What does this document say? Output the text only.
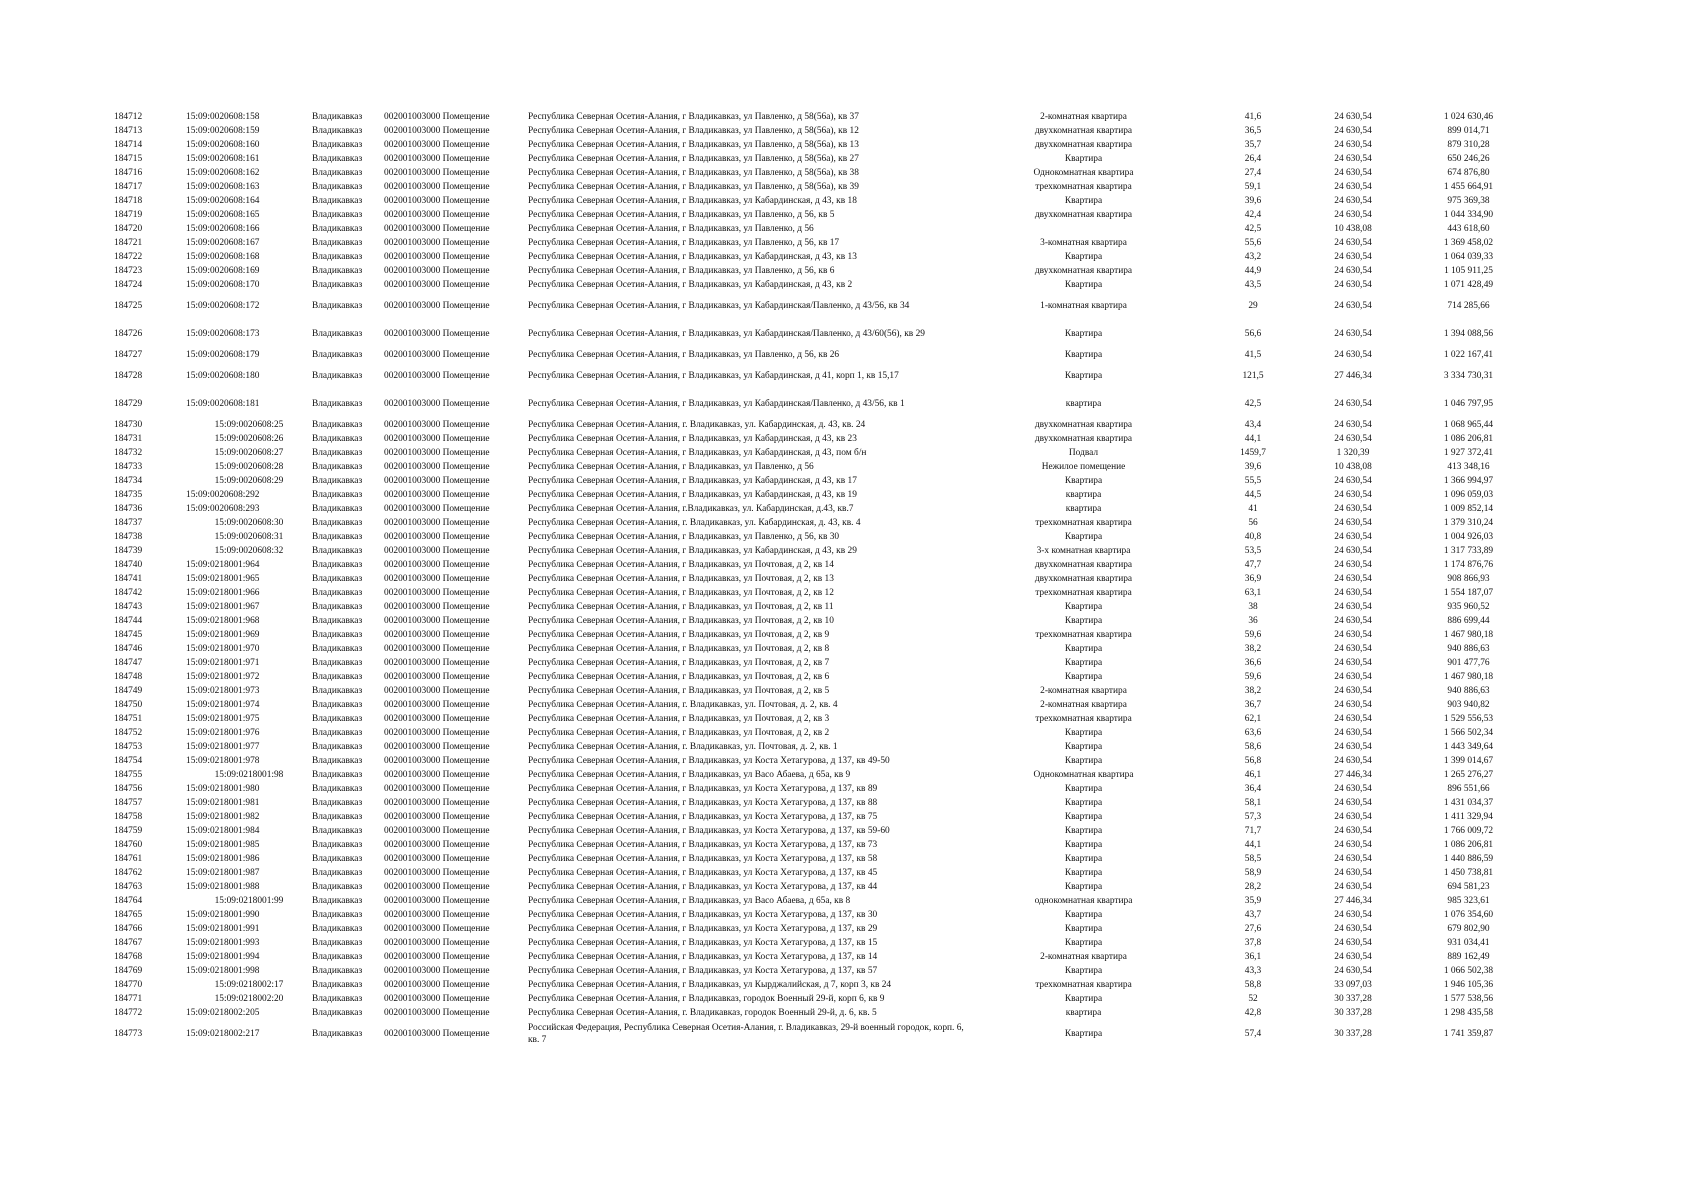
184712	15:09:0020608:158	Владикавказ	002001003000 Помещение	Республика Северная Осетия-Алания, г Владикавказ, ул Павленко, д 58(56а), кв 37	2-комнатная квартира	41,6	24 630,54	1 024 630,46
184713	15:09:0020608:159	Владикавказ	002001003000 Помещение	Республика Северная Осетия-Алания, г Владикавказ, ул Павленко, д 58(56а), кв 12	двухкомнатная квартира	36,5	24 630,54	899 014,71
184714	15:09:0020608:160	Владикавказ	002001003000 Помещение	Республика Северная Осетия-Алания, г Владикавказ, ул Павленко, д 58(56а), кв 13	двухкомнатная квартира	35,7	24 630,54	879 310,28
184715	15:09:0020608:161	Владикавказ	002001003000 Помещение	Республика Северная Осетия-Алания, г Владикавказ, ул Павленко, д 58(56а), кв 27	Квартира	26,4	24 630,54	650 246,26
184716	15:09:0020608:162	Владикавказ	002001003000 Помещение	Республика Северная Осетия-Алания, г Владикавказ, ул Павленко, д 58(56а), кв 38	Однокомнатная квартира	27,4	24 630,54	674 876,80
184717	15:09:0020608:163	Владикавказ	002001003000 Помещение	Республика Северная Осетия-Алания, г Владикавказ, ул Павленко, д 58(56а), кв 39	трехкомнатная квартира	59,1	24 630,54	1 455 664,91
184718	15:09:0020608:164	Владикавказ	002001003000 Помещение	Республика Северная Осетия-Алания, г Владикавказ, ул Кабардинская, д 43, кв 18	Квартира	39,6	24 630,54	975 369,38
184719	15:09:0020608:165	Владикавказ	002001003000 Помещение	Республика Северная Осетия-Алания, г Владикавказ, ул Павленко, д 56, кв 5	двухкомнатная квартира	42,4	24 630,54	1 044 334,90
184720	15:09:0020608:166	Владикавказ	002001003000 Помещение	Республика Северная Осетия-Алания, г Владикавказ, ул Павленко, д 56		42,5	10 438,08	443 618,60
184721	15:09:0020608:167	Владикавказ	002001003000 Помещение	Республика Северная Осетия-Алания, г Владикавказ, ул Павленко, д 56, кв 17	3-комнатная квартира	55,6	24 630,54	1 369 458,02
184722	15:09:0020608:168	Владикавказ	002001003000 Помещение	Республика Северная Осетия-Алания, г Владикавказ, ул Кабардинская, д 43, кв 13	Квартира	43,2	24 630,54	1 064 039,33
184723	15:09:0020608:169	Владикавказ	002001003000 Помещение	Республика Северная Осетия-Алания, г Владикавказ, ул Павленко, д 56, кв 6	двухкомнатная квартира	44,9	24 630,54	1 105 911,25
184724	15:09:0020608:170	Владикавказ	002001003000 Помещение	Республика Северная Осетия-Алания, г Владикавказ, ул Кабардинская, д 43, кв 2	Квартира	43,5	24 630,54	1 071 428,49
184725	15:09:0020608:172	Владикавказ	002001003000 Помещение	Республика Северная Осетия-Алания, г Владикавказ, ул Кабардинская/Павленко, д 43/56, кв 34	1-комнатная квартира	29	24 630,54	714 285,66
184726	15:09:0020608:173	Владикавказ	002001003000 Помещение	Республика Северная Осетия-Алания, г Владикавказ, ул Кабардинская/Павленко, д 43/60(56), кв 29	Квартира	56,6	24 630,54	1 394 088,56
184727	15:09:0020608:179	Владикавказ	002001003000 Помещение	Республика Северная Осетия-Алания, г Владикавказ, ул Павленко, д 56, кв 26	Квартира	41,5	24 630,54	1 022 167,41
184728	15:09:0020608:180	Владикавказ	002001003000 Помещение	Республика Северная Осетия-Алания, г Владикавказ, ул Кабардинская, д 41, корп 1, кв 15,17	Квартира	121,5	27 446,34	3 334 730,31
184729	15:09:0020608:181	Владикавказ	002001003000 Помещение	Республика Северная Осетия-Алания, г Владикавказ, ул Кабардинская/Павленко, д 43/56, кв 1	квартира	42,5	24 630,54	1 046 797,95
184730	15:09:0020608:25	Владикавказ	002001003000 Помещение	Республика Северная Осетия-Алания, г. Владикавказ, ул. Кабардинская, д. 43, кв. 24	двухкомнатная квартира	43,4	24 630,54	1 068 965,44
184731	15:09:0020608:26	Владикавказ	002001003000 Помещение	Республика Северная Осетия-Алания, г Владикавказ, ул Кабардинская, д 43, кв 23	двухкомнатная квартира	44,1	24 630,54	1 086 206,81
184732	15:09:0020608:27	Владикавказ	002001003000 Помещение	Республика Северная Осетия-Алания, г Владикавказ, ул Кабардинская, д 43, пом б/н	Подвал	1459,7	1 320,39	1 927 372,41
184733	15:09:0020608:28	Владикавказ	002001003000 Помещение	Республика Северная Осетия-Алания, г Владикавказ, ул Павленко, д 56	Нежилое помещение	39,6	10 438,08	413 348,16
184734	15:09:0020608:29	Владикавказ	002001003000 Помещение	Республика Северная Осетия-Алания, г Владикавказ, ул Кабардинская, д 43, кв 17	Квартира	55,5	24 630,54	1 366 994,97
184735	15:09:0020608:292	Владикавказ	002001003000 Помещение	Республика Северная Осетия-Алания, г Владикавказ, ул Кабардинская, д 43, кв 19	квартира	44,5	24 630,54	1 096 059,03
184736	15:09:0020608:293	Владикавказ	002001003000 Помещение	Республика Северная Осетия-Алания, г.Владикавказ, ул. Кабардинская, д.43, кв.7	квартира	41	24 630,54	1 009 852,14
184737	15:09:0020608:30	Владикавказ	002001003000 Помещение	Республика Северная Осетия-Алания, г. Владикавказ, ул. Кабардинская, д. 43, кв. 4	трехкомнатная квартира	56	24 630,54	1 379 310,24
184738	15:09:0020608:31	Владикавказ	002001003000 Помещение	Республика Северная Осетия-Алания, г Владикавказ, ул Павленко, д 56, кв 30	Квартира	40,8	24 630,54	1 004 926,03
184739	15:09:0020608:32	Владикавказ	002001003000 Помещение	Республика Северная Осетия-Алания, г Владикавказ, ул Кабардинская, д 43, кв 29	3-х комнатная квартира	53,5	24 630,54	1 317 733,89
184740	15:09:0218001:964	Владикавказ	002001003000 Помещение	Республика Северная Осетия-Алания, г Владикавказ, ул Почтовая, д 2, кв 14	двухкомнатная квартира	47,7	24 630,54	1 174 876,76
184741	15:09:0218001:965	Владикавказ	002001003000 Помещение	Республика Северная Осетия-Алания, г Владикавказ, ул Почтовая, д 2, кв 13	двухкомнатная квартира	36,9	24 630,54	908 866,93
184742	15:09:0218001:966	Владикавказ	002001003000 Помещение	Республика Северная Осетия-Алания, г Владикавказ, ул Почтовая, д 2, кв 12	трехкомнатная квартира	63,1	24 630,54	1 554 187,07
184743	15:09:0218001:967	Владикавказ	002001003000 Помещение	Республика Северная Осетия-Алания, г Владикавказ, ул Почтовая, д 2, кв 11	Квартира	38	24 630,54	935 960,52
184744	15:09:0218001:968	Владикавказ	002001003000 Помещение	Республика Северная Осетия-Алания, г Владикавказ, ул Почтовая, д 2, кв 10	Квартира	36	24 630,54	886 699,44
184745	15:09:0218001:969	Владикавказ	002001003000 Помещение	Республика Северная Осетия-Алания, г Владикавказ, ул Почтовая, д 2, кв 9	трехкомнатная квартира	59,6	24 630,54	1 467 980,18
184746	15:09:0218001:970	Владикавказ	002001003000 Помещение	Республика Северная Осетия-Алания, г Владикавказ, ул Почтовая, д 2, кв 8	Квартира	38,2	24 630,54	940 886,63
184747	15:09:0218001:971	Владикавказ	002001003000 Помещение	Республика Северная Осетия-Алания, г Владикавказ, ул Почтовая, д 2, кв 7	Квартира	36,6	24 630,54	901 477,76
184748	15:09:0218001:972	Владикавказ	002001003000 Помещение	Республика Северная Осетия-Алания, г Владикавказ, ул Почтовая, д 2, кв 6	Квартира	59,6	24 630,54	1 467 980,18
184749	15:09:0218001:973	Владикавказ	002001003000 Помещение	Республика Северная Осетия-Алания, г Владикавказ, ул Почтовая, д 2, кв 5	2-комнатная квартира	38,2	24 630,54	940 886,63
184750	15:09:0218001:974	Владикавказ	002001003000 Помещение	Республика Северная Осетия-Алания, г. Владикавказ, ул. Почтовая, д. 2, кв. 4	2-комнатная квартира	36,7	24 630,54	903 940,82
184751	15:09:0218001:975	Владикавказ	002001003000 Помещение	Республика Северная Осетия-Алания, г Владикавказ, ул Почтовая, д 2, кв 3	трехкомнатная квартира	62,1	24 630,54	1 529 556,53
184752	15:09:0218001:976	Владикавказ	002001003000 Помещение	Республика Северная Осетия-Алания, г Владикавказ, ул Почтовая, д 2, кв 2	Квартира	63,6	24 630,54	1 566 502,34
184753	15:09:0218001:977	Владикавказ	002001003000 Помещение	Республика Северная Осетия-Алания, г. Владикавказ, ул. Почтовая, д. 2, кв. 1	Квартира	58,6	24 630,54	1 443 349,64
184754	15:09:0218001:978	Владикавказ	002001003000 Помещение	Республика Северная Осетия-Алания, г Владикавказ, ул Коста Хетагурова, д 137, кв 49-50	Квартира	56,8	24 630,54	1 399 014,67
184755	15:09:0218001:98	Владикавказ	002001003000 Помещение	Республика Северная Осетия-Алания, г Владикавказ, ул Васо Абаева, д 65а, кв 9	Однокомнатная квартира	46,1	27 446,34	1 265 276,27
184756	15:09:0218001:980	Владикавказ	002001003000 Помещение	Республика Северная Осетия-Алания, г Владикавказ, ул Коста Хетагурова, д 137, кв 89	Квартира	36,4	24 630,54	896 551,66
184757	15:09:0218001:981	Владикавказ	002001003000 Помещение	Республика Северная Осетия-Алания, г Владикавказ, ул Коста Хетагурова, д 137, кв 88	Квартира	58,1	24 630,54	1 431 034,37
184758	15:09:0218001:982	Владикавказ	002001003000 Помещение	Республика Северная Осетия-Алания, г Владикавказ, ул Коста Хетагурова, д 137, кв 75	Квартира	57,3	24 630,54	1 411 329,94
184759	15:09:0218001:984	Владикавказ	002001003000 Помещение	Республика Северная Осетия-Алания, г Владикавказ, ул Коста Хетагурова, д 137, кв 59-60	Квартира	71,7	24 630,54	1 766 009,72
184760	15:09:0218001:985	Владикавказ	002001003000 Помещение	Республика Северная Осетия-Алания, г Владикавказ, ул Коста Хетагурова, д 137, кв 73	Квартира	44,1	24 630,54	1 086 206,81
184761	15:09:0218001:986	Владикавказ	002001003000 Помещение	Республика Северная Осетия-Алания, г Владикавказ, ул Коста Хетагурова, д 137, кв 58	Квартира	58,5	24 630,54	1 440 886,59
184762	15:09:0218001:987	Владикавказ	002001003000 Помещение	Республика Северная Осетия-Алания, г Владикавказ, ул Коста Хетагурова, д 137, кв 45	Квартира	58,9	24 630,54	1 450 738,81
184763	15:09:0218001:988	Владикавказ	002001003000 Помещение	Республика Северная Осетия-Алания, г Владикавказ, ул Коста Хетагурова, д 137, кв 44	Квартира	28,2	24 630,54	694 581,23
184764	15:09:0218001:99	Владикавказ	002001003000 Помещение	Республика Северная Осетия-Алания, г Владикавказ, ул Васо Абаева, д 65а, кв 8	однокомнатная квартира	35,9	27 446,34	985 323,61
184765	15:09:0218001:990	Владикавказ	002001003000 Помещение	Республика Северная Осетия-Алания, г Владикавказ, ул Коста Хетагурова, д 137, кв 30	Квартира	43,7	24 630,54	1 076 354,60
184766	15:09:0218001:991	Владикавказ	002001003000 Помещение	Республика Северная Осетия-Алания, г Владикавказ, ул Коста Хетагурова, д 137, кв 29	Квартира	27,6	24 630,54	679 802,90
184767	15:09:0218001:993	Владикавказ	002001003000 Помещение	Республика Северная Осетия-Алания, г Владикавказ, ул Коста Хетагурова, д 137, кв 15	Квартира	37,8	24 630,54	931 034,41
184768	15:09:0218001:994	Владикавказ	002001003000 Помещение	Республика Северная Осетия-Алания, г Владикавказ, ул Коста Хетагурова, д 137, кв 14	2-комнатная квартира	36,1	24 630,54	889 162,49
184769	15:09:0218001:998	Владикавказ	002001003000 Помещение	Республика Северная Осетия-Алания, г Владикавказ, ул Коста Хетагурова, д 137, кв 57	Квартира	43,3	24 630,54	1 066 502,38
184770	15:09:0218002:17	Владикавказ	002001003000 Помещение	Республика Северная Осетия-Алания, г Владикавказ, ул Кырджалийская, д 7, корп 3, кв 24	трехкомнатная квартира	58,8	33 097,03	1 946 105,36
184771	15:09:0218002:20	Владикавказ	002001003000 Помещение	Республика Северная Осетия-Алания, г Владикавказ, городок Военный 29-й, корп 6, кв 9	Квартира	52	30 337,28	1 577 538,56
184772	15:09:0218002:205	Владикавказ	002001003000 Помещение	Республика Северная Осетия-Алания, г. Владикавказ, городок Военный 29-й, д. 6, кв. 5	квартира	42,8	30 337,28	1 298 435,58
184773	15:09:0218002:217	Владикавказ	002001003000 Помещение	Российская Федерация, Республика Северная Осетия-Алания, г. Владикавказ, 29-й военный городок, корп. 6, кв. 7	Квартира	57,4	30 337,28	1 741 359,87
